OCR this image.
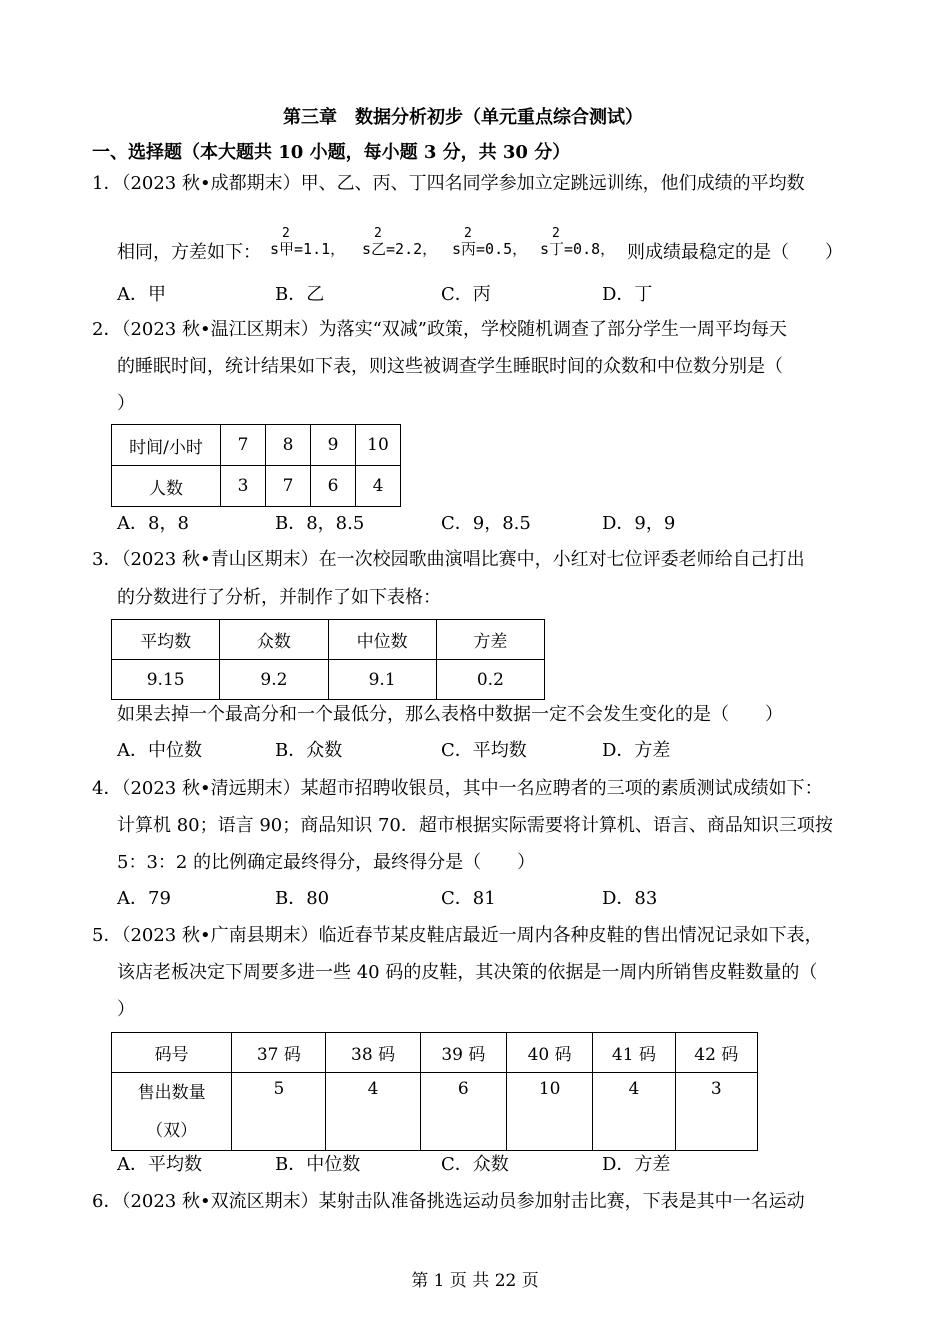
第三章　数据分析初步（单元重点综合测试）
一、选择题（本大题共 10 小题，每小题 3 分，共 30 分）
1．（2023 秋•成都期末）甲、乙、丙、丁四名同学参加立定跳远训练，他们成绩的平均数
相同，方差如下：
2
s甲=1.1，
2
s乙=2.2，
2
s丙=0.5，
2
s丁=0.8， 则成绩最稳定的是（　　）
A．甲	B．乙	C．丙	D．丁
2．（2023 秋•温江区期末）为落实“双减”政策，学校随机调查了部分学生一周平均每天
的睡眠时间，统计结果如下表，则这些被调查学生睡眠时间的众数和中位数分别是（
）
时间/小时	7	8	9	10
人数	3	7	6	4
A．8，8	B．8，8.5	C．9，8.5	D．9，9
3．（2023 秋•青山区期末）在一次校园歌曲演唱比赛中，小红对七位评委老师给自己打出
的分数进行了分析，并制作了如下表格：
平均数	众数	中位数	方差
9.15	9.2	9.1	0.2
如果去掉一个最高分和一个最低分，那么表格中数据一定不会发生变化的是（　　）
A．中位数	B．众数	C．平均数	D．方差
4．（2023 秋•清远期末）某超市招聘收银员，其中一名应聘者的三项的素质测试成绩如下：
计算机 80；语言 90；商品知识 70．超市根据实际需要将计算机、语言、商品知识三项按
5：3：2 的比例确定最终得分，最终得分是（　　）
A．79	B．80	C．81	D．83
5．（2023 秋•广南县期末）临近春节某皮鞋店最近一周内各种皮鞋的售出情况记录如下表，
该店老板决定下周要多进一些 40 码的皮鞋，其决策的依据是一周内所销售皮鞋数量的（
）
码号	37 码	38 码	39 码	40 码	41 码	42 码

售出数量
（双）	5	4	6	10	4	3
A．平均数	B．中位数	C．众数	D．方差
6．（2023 秋•双流区期末）某射击队准备挑选运动员参加射击比赛，下表是其中一名运动
第 1 页 共 22 页
